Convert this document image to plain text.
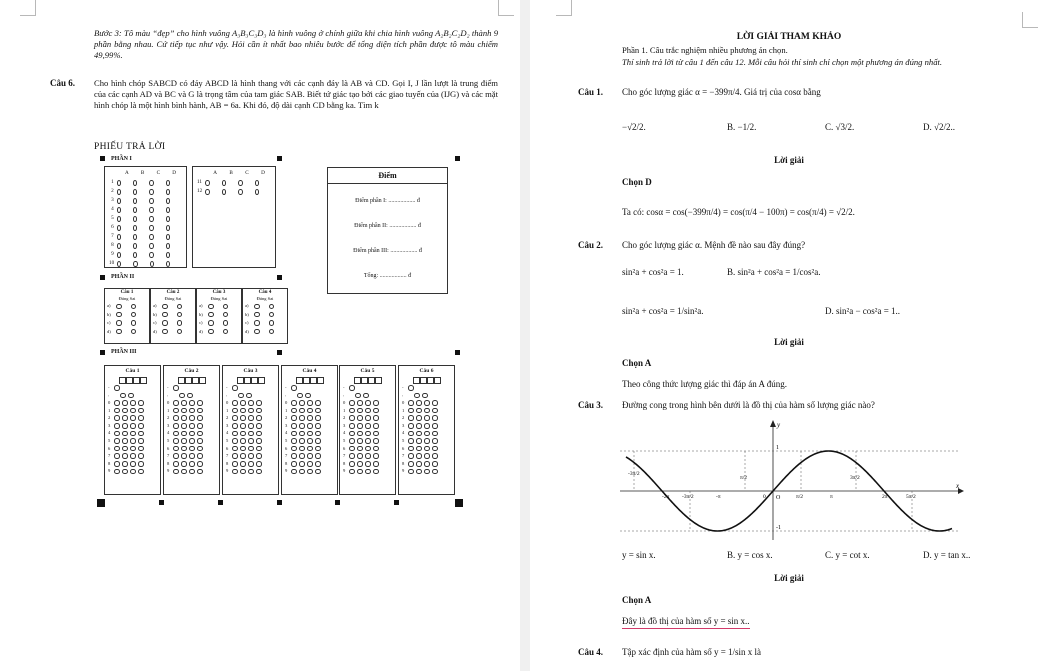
Bước 3: Tô màu “đẹp” cho hình vuông A₃B₃C₃D₃ là hình vuông ở chính giữa khi chia hình vuông A₂B₂C₂D₂ thành 9 phần bằng nhau. Cứ tiếp tục như vậy. Hỏi cần ít nhất bao nhiêu bước để tổng diện tích phần được tô màu chiếm 49,99%.
Câu 6. Cho hình chóp SABCD có đáy ABCD là hình thang với các cạnh đáy là AB và CD. Gọi I, J lần lượt là trung điểm của các cạnh AD và BC và G là trọng tâm của tam giác SAB. Biết tứ giác tạo bởi các giao tuyến của (IJG) và các mặt hình chóp là một hình bình hành, AB = 6a. Khi đó, độ dài cạnh CD bằng ka. Tìm k
PHIẾU TRẢ LỜI
PHẦN I
A	B	C	D
1
2
3
4
5
6
7
8
9
10
A	B	C	D
11
12
Điểm
Điểm phần I: .................. đ
Điểm phần II: .................. đ
Điểm phần III: .................. đ
Tổng: .................. đ
PHẦN II
Câu 1
Đúng Sai
a)
b)
c)
d)
Câu 2
Đúng Sai
a)
b)
c)
d)
Câu 3
Đúng Sai
a)
b)
c)
d)
Câu 4
Đúng Sai
a)
b)
c)
d)
PHẦN III
Câu 1
-
,
0
1
2
3
4
5
6
7
8
9
Câu 2
-
,
0
1
2
3
4
5
6
7
8
9
Câu 3
-
,
0
1
2
3
4
5
6
7
8
9
Câu 4
-
,
0
1
2
3
4
5
6
7
8
9
Câu 5
-
,
0
1
2
3
4
5
6
7
8
9
Câu 6
-
,
0
1
2
3
4
5
6
7
8
9
LỜI GIẢI THAM KHẢO
Phần 1. Câu trắc nghiệm nhiều phương án chọn.
Thí sinh trả lời từ câu 1 đến câu 12. Mỗi câu hỏi thí sinh chỉ chọn một phương án đúng nhất.
Câu 1. Cho góc lượng giác α = −399π/4. Giá trị của cosα bằng
−√2/2.	B. −1/2.	C. √3/2.	D. √2/2..
Lời giải
Chọn D
Ta có: cosα = cos(−399π/4) = cos(π/4 − 100π) = cos(π/4) = √2/2.
Câu 2. Cho góc lượng giác α. Mệnh đề nào sau đây đúng?
sin²a + cos²a = 1.	B. sin²a + cos²a = 1/cos²a.
sin²a + cos²a = 1/sin²a.	D. sin²a − cos²a = 1..
Lời giải
Chọn A
Theo công thức lượng giác thì đáp án A đúng.
Câu 3. Đường cong trong hình bên dưới là đồ thị của hàm số lượng giác nào?
y
x
O
1
-1
-3π/2
-2π -3π/2	-π
π/2
0	π/2	π
3π/2
2π	5π/2
y = sin x.	B. y = cos x.	C. y = cot x.	D. y = tan x..
Lời giải
Chọn A
Đây là đồ thị của hàm số y = sin x..
Câu 4. Tập xác định của hàm số y = 1/sin x là
